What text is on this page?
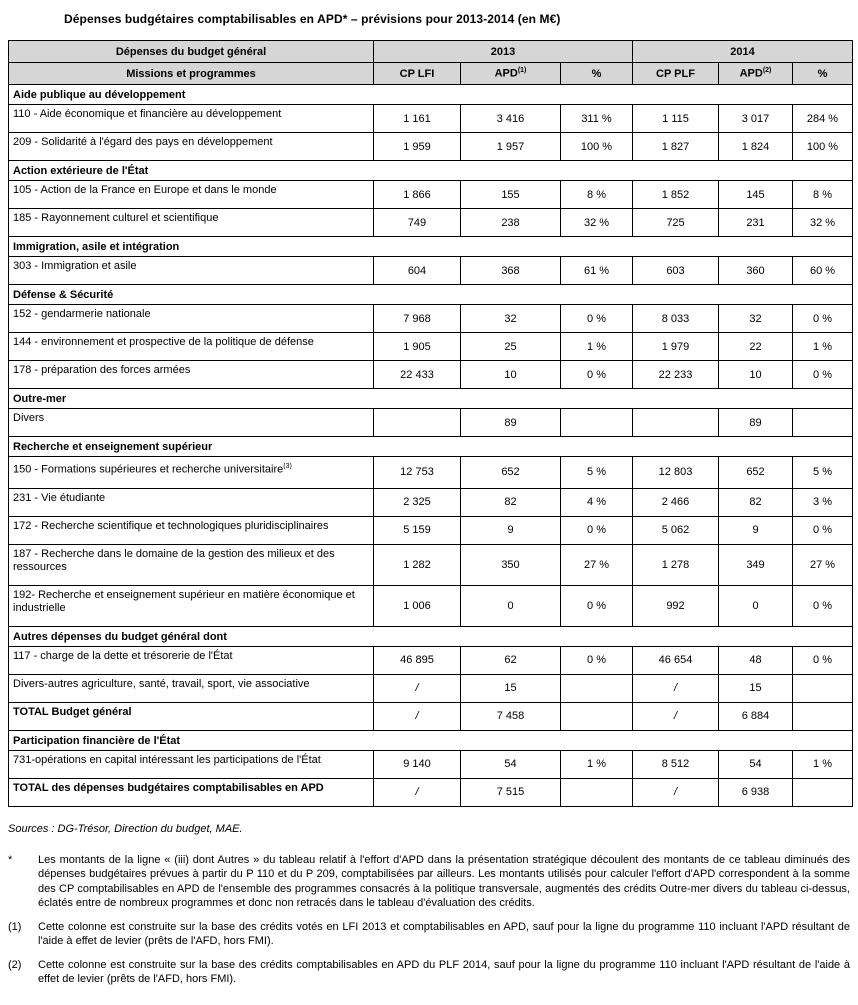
Dépenses budgétaires comptabilisables en APD* – prévisions pour 2013-2014 (en M€)
Dépenses du budget général	2013			2014		
Missions et programmes	CP LFI	APD$^{(1)}$	%	CP PLF	APD$^{(2)}$	%
Aide publique au développement						
110 - Aide économique et financière au développement	1 161	3 416	311 %	1 115	3 017	284 %
209 - Solidarité à l'égard des pays en développement	1 959	1 957	100 %	1 827	1 824	100 %
Action extérieure de l'État						
105 - Action de la France en Europe et dans le monde	1 866	155	8 %	1 852	145	8 %
185 - Rayonnement culturel et scientifique	749	238	32 %	725	231	32 %
Immigration, asile et intégration						
303 - Immigration et asile	604	368	61 %	603	360	60 %
Défense & Sécurité						
152 - gendarmerie nationale	7 968	32	0 %	8 033	32	0 %
144 - environnement et prospective de la politique de défense	1 905	25	1 %	1 979	22	1 %
178 - préparation des forces armées	22 433	10	0 %	22 233	10	0 %
Outre-mer						
Divers		89			89	
Recherche et enseignement supérieur						
150 - Formations supérieures et recherche universitaire$^{(3)}$	12 753	652	5 %	12 803	652	5 %
231 - Vie étudiante	2 325	82	4 %	2 466	82	3 %
172 - Recherche scientifique et technologiques pluridisciplinaires	5 159	9	0 %	5 062	9	0 %
187 - Recherche dans le domaine de la gestion des milieux et des ressources	1 282	350	27 %	1 278	349	27 %
192- Recherche et enseignement supérieur en matière économique et industrielle	1 006	0	0 %	992	0	0 %
Autres dépenses du budget général dont						
117 - charge de la dette et trésorerie de l'État	46 895	62	0 %	46 654	48	0 %
Divers-autres agriculture, santé, travail, sport, vie associative	/	15		/	15	
TOTAL Budget général	/	7 458		/	6 884	
Participation financière de l'État						
731-opérations en capital intéressant les participations de l'État	9 140	54	1 %	8 512	54	1 %
TOTAL des dépenses budgétaires comptabilisables en APD	/	7 515		/	6 938	
Sources : DG-Trésor, Direction du budget, MAE.
*	Les montants de la ligne « (iii) dont Autres » du tableau relatif à l'effort d'APD dans la présentation stratégique découlent des montants de ce tableau diminués des dépenses budgétaires prévues à partir du P 110 et du P 209, comptabilisées par ailleurs. Les montants utilisés pour calculer l'effort d'APD correspondent à la somme des CP comptabilisables en APD de l'ensemble des programmes consacrés à la politique transversale, augmentés des crédits Outre-mer divers du tableau ci-dessus, éclatés entre de nombreux programmes et donc non retracés dans le tableau d'évaluation des crédits.
(1)	Cette colonne est construite sur la base des crédits votés en LFI 2013 et comptabilisables en APD, sauf pour la ligne du programme 110 incluant l'APD résultant de l'aide à effet de levier (prêts de l'AFD, hors FMI).
(2)	Cette colonne est construite sur la base des crédits comptabilisables en APD du PLF 2014, sauf pour la ligne du programme 110 incluant l'APD résultant de l'aide à effet de levier (prêts de l'AFD, hors FMI).
